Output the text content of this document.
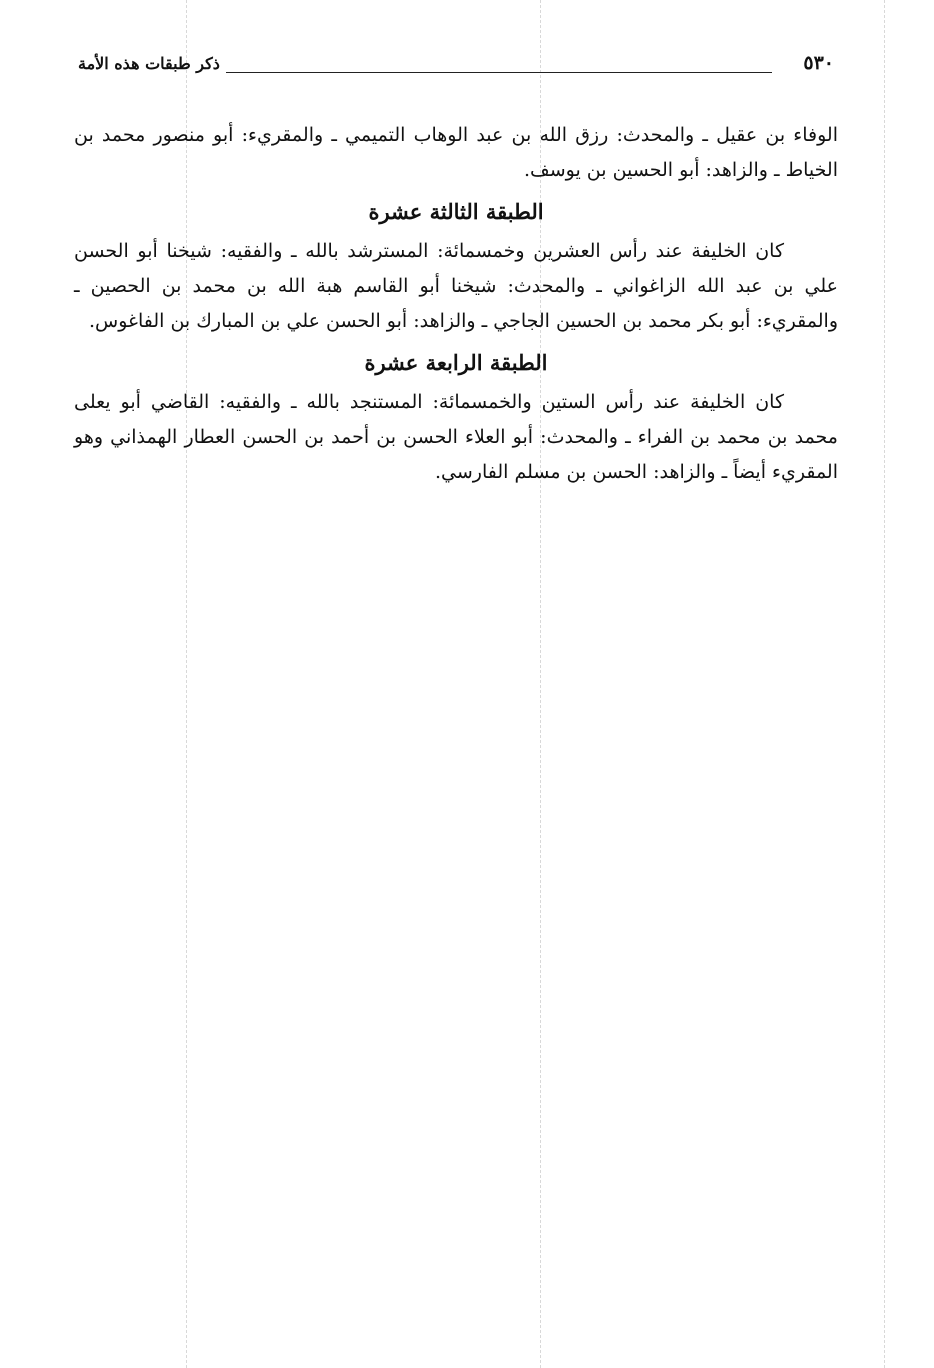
٥٣٠
ذكر طبقات هذه الأمة

الوفاء بن عقيل ـ والمحدث: رزق الله بن عبد الوهاب التميمي ـ والمقريء: أبو منصور محمد بن الخياط ـ والزاهد: أبو الحسين بن يوسف.

الطبقة الثالثة عشرة

كان الخليفة عند رأس العشرين وخمسمائة: المسترشد بالله ـ والفقيه: شيخنا أبو الحسن علي بن عبد الله الزاغواني ـ والمحدث: شيخنا أبو القاسم هبة الله بن محمد بن الحصين ـ والمقريء: أبو بكر محمد بن الحسين الجاجي ـ والزاهد: أبو الحسن علي بن المبارك بن الفاغوس.

الطبقة الرابعة عشرة

كان الخليفة عند رأس الستين والخمسمائة: المستنجد بالله ـ والفقيه: القاضي أبو يعلى محمد بن محمد بن الفراء ـ والمحدث: أبو العلاء الحسن بن أحمد بن الحسن العطار الهمذاني وهو المقريء أيضاً ـ والزاهد: الحسن بن مسلم الفارسي.
